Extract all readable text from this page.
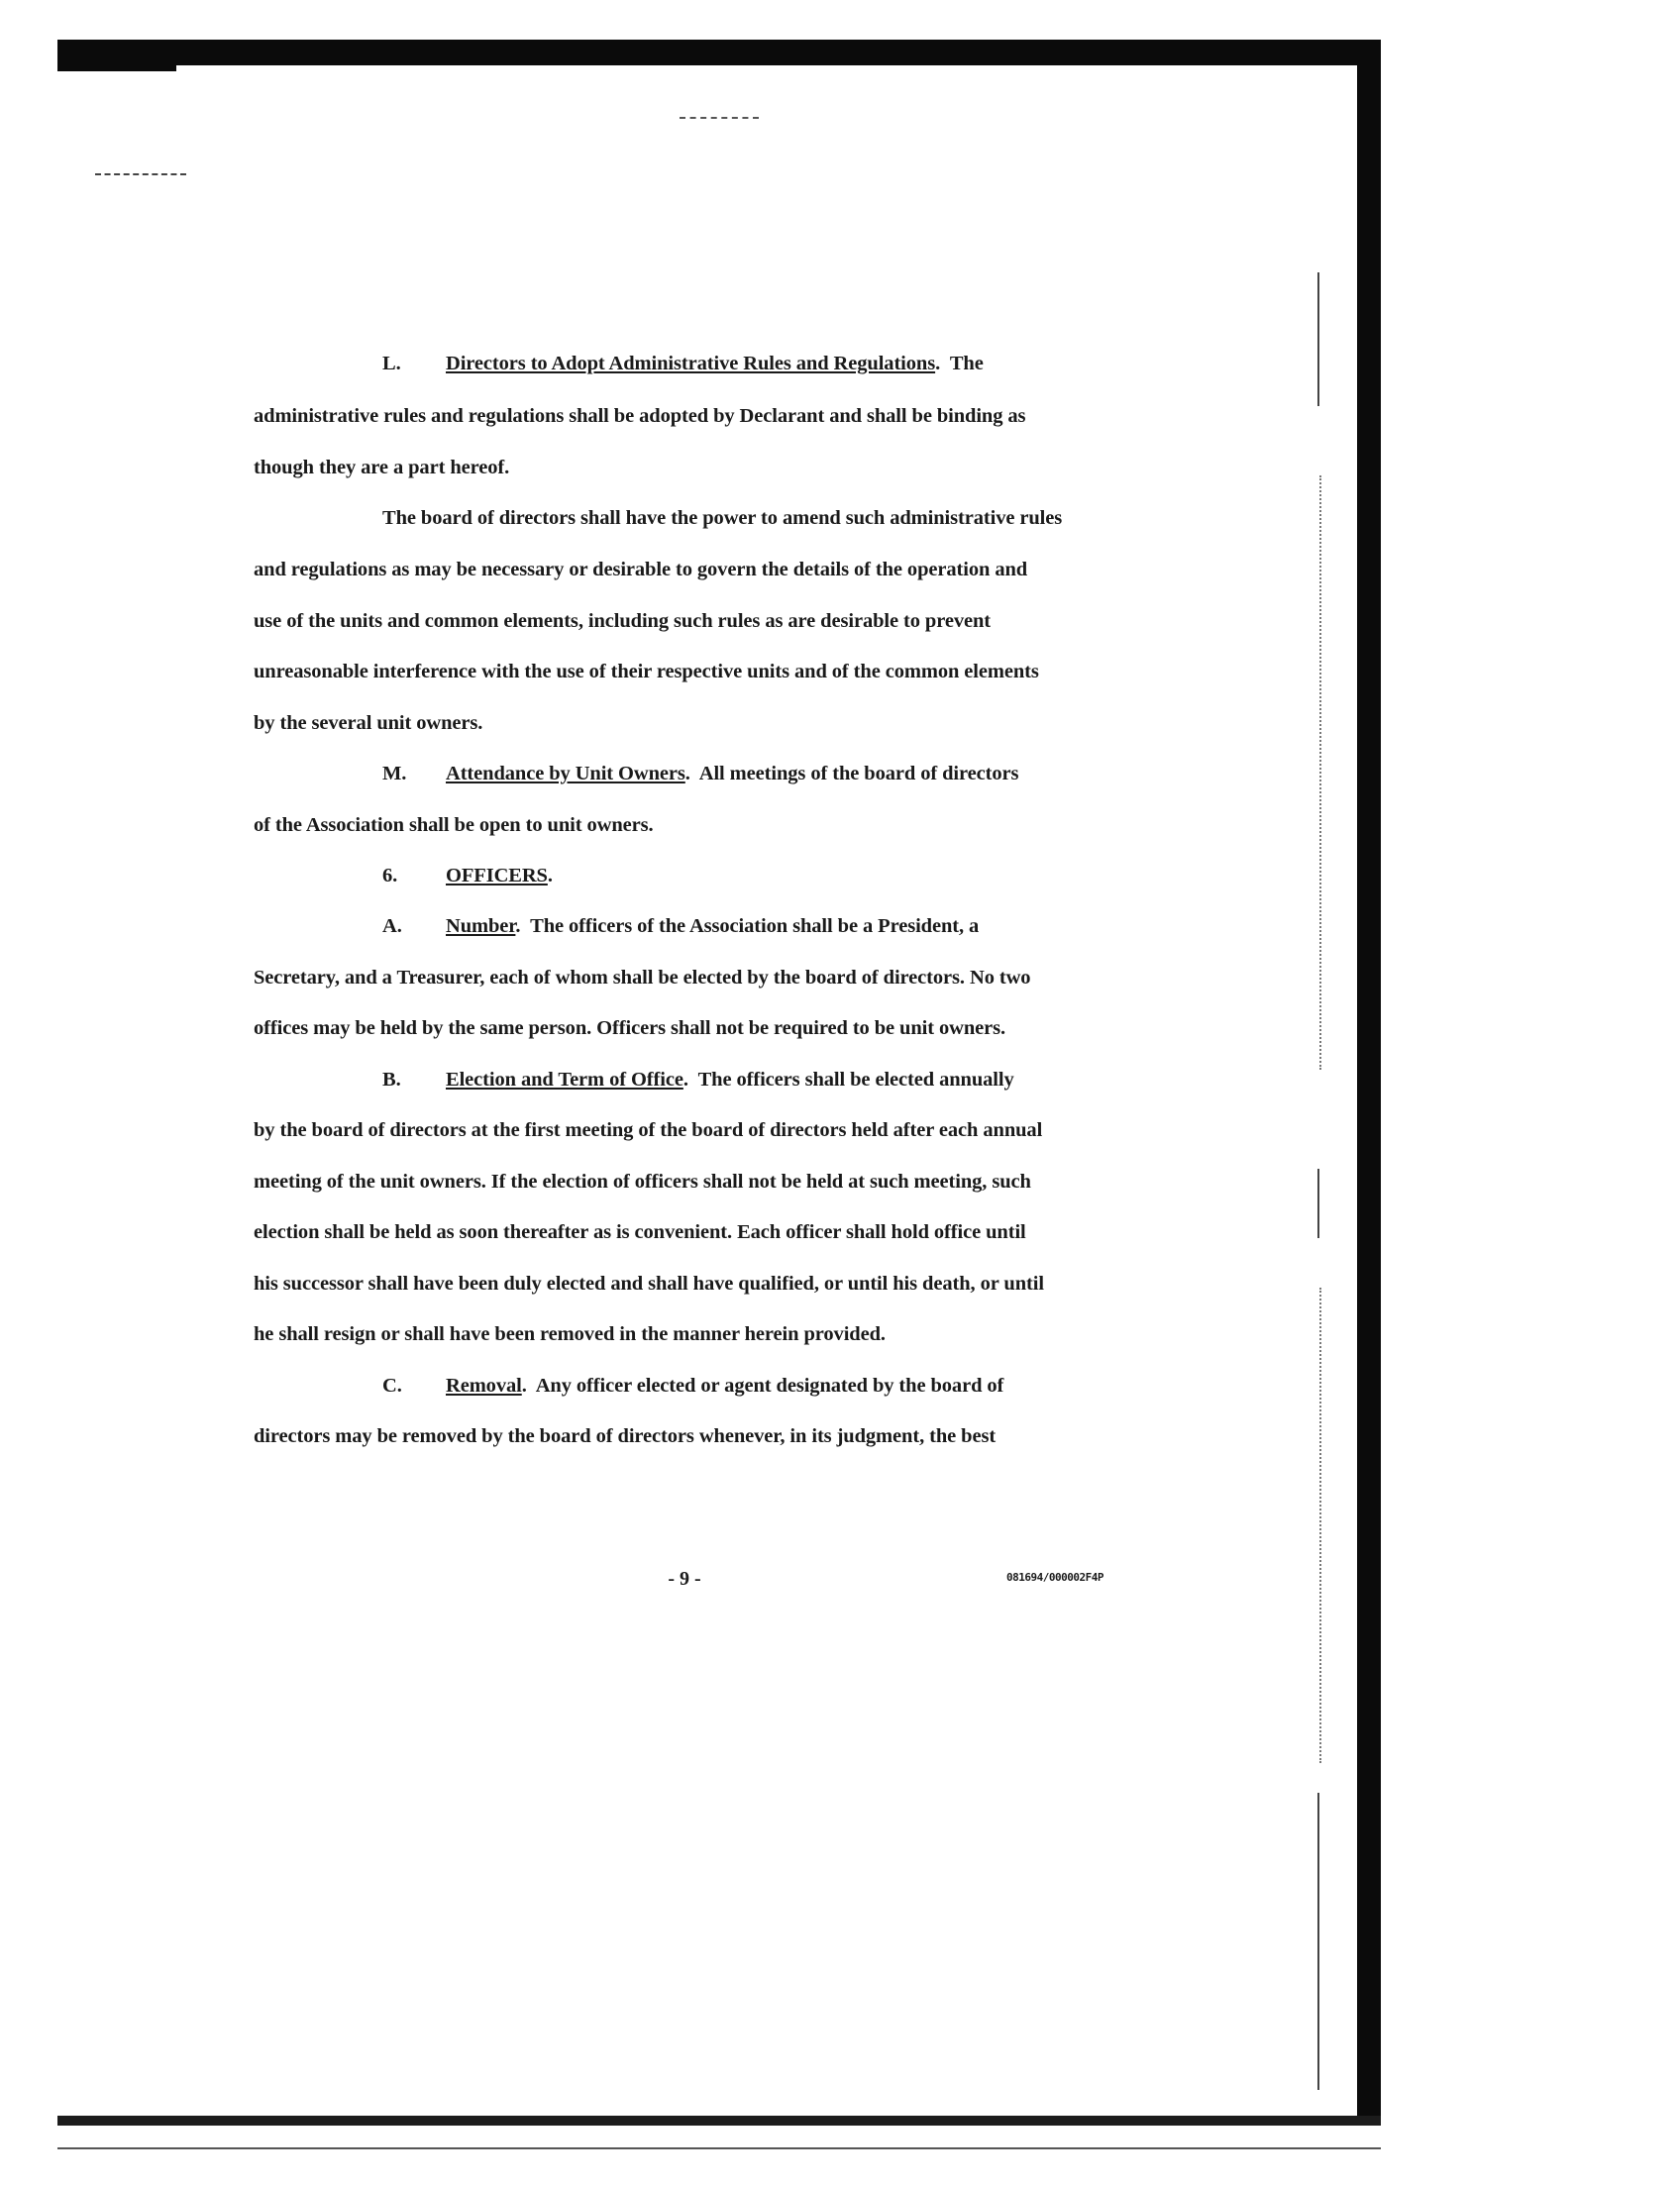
L. Directors to Adopt Administrative Rules and Regulations.  The
administrative rules and regulations shall be adopted by Declarant and shall be binding as
though they are a part hereof.
The board of directors shall have the power to amend such administrative rules
and regulations as may be necessary or desirable to govern the details of the operation and
use of the units and common elements, including such rules as are desirable to prevent
unreasonable interference with the use of their respective units and of the common elements
by the several unit owners.
M. Attendance by Unit Owners.  All meetings of the board of directors
of the Association shall be open to unit owners.
6. OFFICERS.
A. Number.  The officers of the Association shall be a President, a
Secretary, and a Treasurer, each of whom shall be elected by the board of directors. No two
offices may be held by the same person. Officers shall not be required to be unit owners.
B. Election and Term of Office.  The officers shall be elected annually
by the board of directors at the first meeting of the board of directors held after each annual
meeting of the unit owners. If the election of officers shall not be held at such meeting, such
election shall be held as soon thereafter as is convenient. Each officer shall hold office until
his successor shall have been duly elected and shall have qualified, or until his death, or until
he shall resign or shall have been removed in the manner herein provided.
C. Removal.  Any officer elected or agent designated by the board of
directors may be removed by the board of directors whenever, in its judgment, the best
- 9 -	081694/000002F4P
